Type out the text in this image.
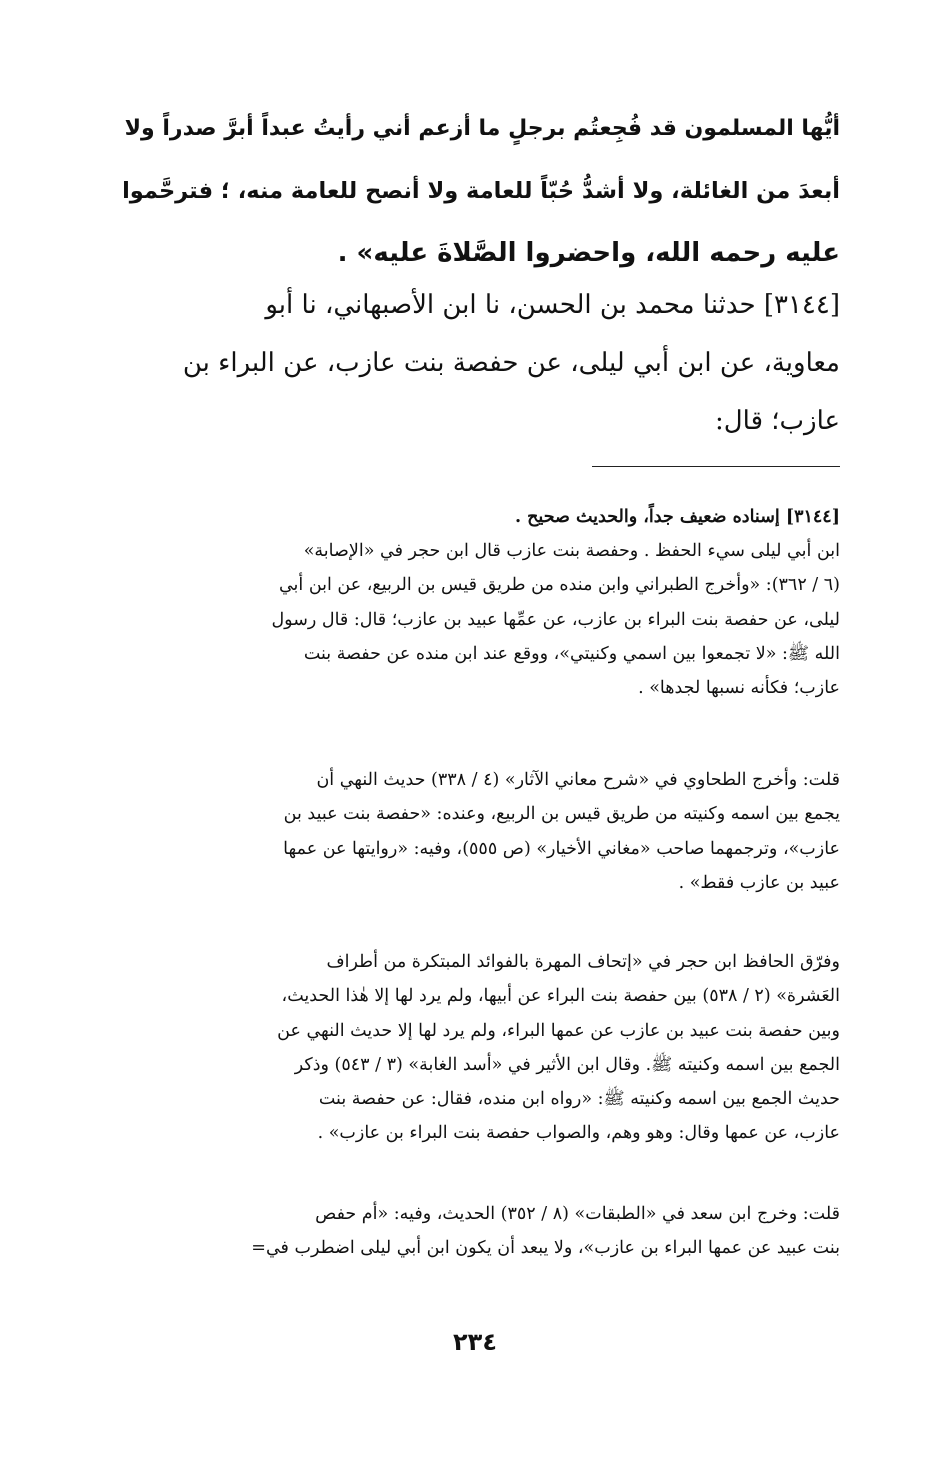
أيُّها المسلمون قد فُجِعتُم برجلٍ ما أزعم أني رأيتُ عبداً أبرَّ صدراً ولا
أبعدَ من الغائلة، ولا أشدُّ حُبّاً للعامة ولا أنصح للعامة منه، ؛ فترحَّموا
عليه رحمه الله، واحضروا الصَّلاةَ عليه» .
[٣١٤٤] حدثنا محمد بن الحسن، نا ابن الأصبهاني، نا أبو
معاوية، عن ابن أبي ليلى، عن حفصة بنت عازب، عن البراء بن
عازب؛ قال:
[٣١٤٤] إسناده ضعيف جداً، والحديث صحيح .
ابن أبي ليلى سيء الحفظ . وحفصة بنت عازب قال ابن حجر في «الإصابة»
(٦ / ٣٦٢): «وأخرج الطبراني وابن منده من طريق قيس بن الربيع، عن ابن أبي
ليلى، عن حفصة بنت البراء بن عازب، عن عمِّها عبيد بن عازب؛ قال: قال رسول
الله ﷺ: «لا تجمعوا بين اسمي وكنيتي»، ووقع عند ابن منده عن حفصة بنت
عازب؛ فكأنه نسبها لجدها» .
قلت: وأخرج الطحاوي في «شرح معاني الآثار» (٤ / ٣٣٨) حديث النهي أن
يجمع بين اسمه وكنيته من طريق قيس بن الربيع، وعنده: «حفصة بنت عبيد بن
عازب»، وترجمهما صاحب «مغاني الأخيار» (ص ٥٥٥)، وفيه: «روايتها عن عمها
عبيد بن عازب فقط» .
وفرّق الحافظ ابن حجر في «إتحاف المهرة بالفوائد المبتكرة من أطراف
العَشرة» (٢ / ٥٣٨) بين حفصة بنت البراء عن أبيها، ولم يرد لها إلا هٰذا الحديث،
وبين حفصة بنت عبيد بن عازب عن عمها البراء، ولم يرد لها إلا حديث النهي عن
الجمع بين اسمه وكنيته ﷺ. وقال ابن الأثير في «أسد الغابة» (٣ / ٥٤٣) وذكر
حديث الجمع بين اسمه وكنيته ﷺ: «رواه ابن منده، فقال: عن حفصة بنت
عازب، عن عمها وقال: وهو وهم، والصواب حفصة بنت البراء بن عازب» .
قلت: وخرج ابن سعد في «الطبقات» (٨ / ٣٥٢) الحديث، وفيه: «أم حفص
بنت عبيد عن عمها البراء بن عازب»، ولا يبعد أن يكون ابن أبي ليلى اضطرب في=
٢٣٤
